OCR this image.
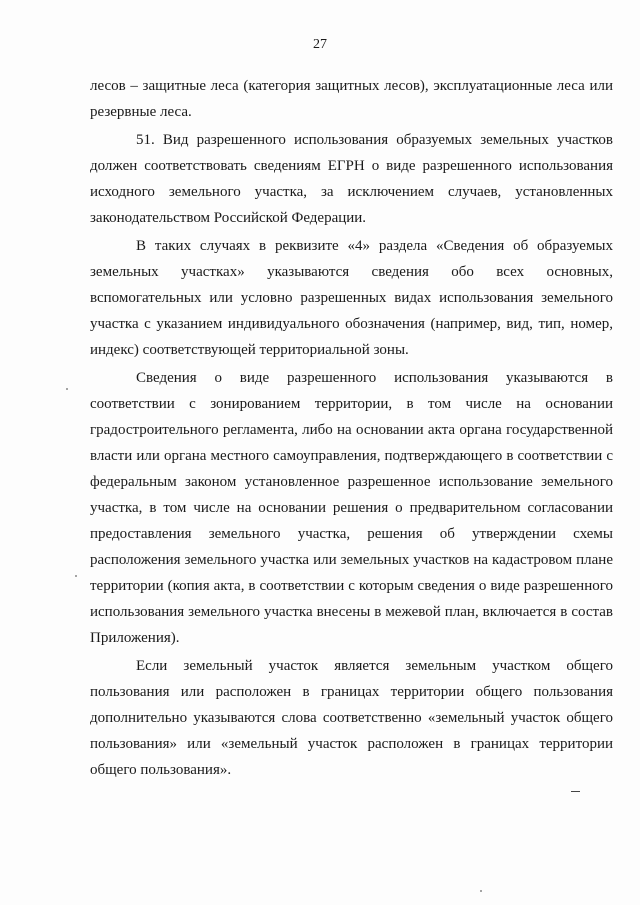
27

лесов – защитные леса (категория защитных лесов), эксплуатационные леса или резервные леса.

51. Вид разрешенного использования образуемых земельных участков должен соответствовать сведениям ЕГРН о виде разрешенного использования исходного земельного участка, за исключением случаев, установленных законодательством Российской Федерации.

В таких случаях в реквизите «4» раздела «Сведения об образуемых земельных участках» указываются сведения обо всех основных, вспомогательных или условно разрешенных видах использования земельного участка с указанием индивидуального обозначения (например, вид, тип, номер, индекс) соответствующей территориальной зоны.

Сведения о виде разрешенного использования указываются в соответствии с зонированием территории, в том числе на основании градостроительного регламента, либо на основании акта органа государственной власти или органа местного самоуправления, подтверждающего в соответствии с федеральным законом установленное разрешенное использование земельного участка, в том числе на основании решения о предварительном согласовании предоставления земельного участка, решения об утверждении схемы расположения земельного участка или земельных участков на кадастровом плане территории (копия акта, в соответствии с которым сведения о виде разрешенного использования земельного участка внесены в межевой план, включается в состав Приложения).

Если земельный участок является земельным участком общего пользования или расположен в границах территории общего пользования дополнительно указываются слова соответственно «земельный участок общего пользования» или «земельный участок расположен в границах территории общего пользования».
